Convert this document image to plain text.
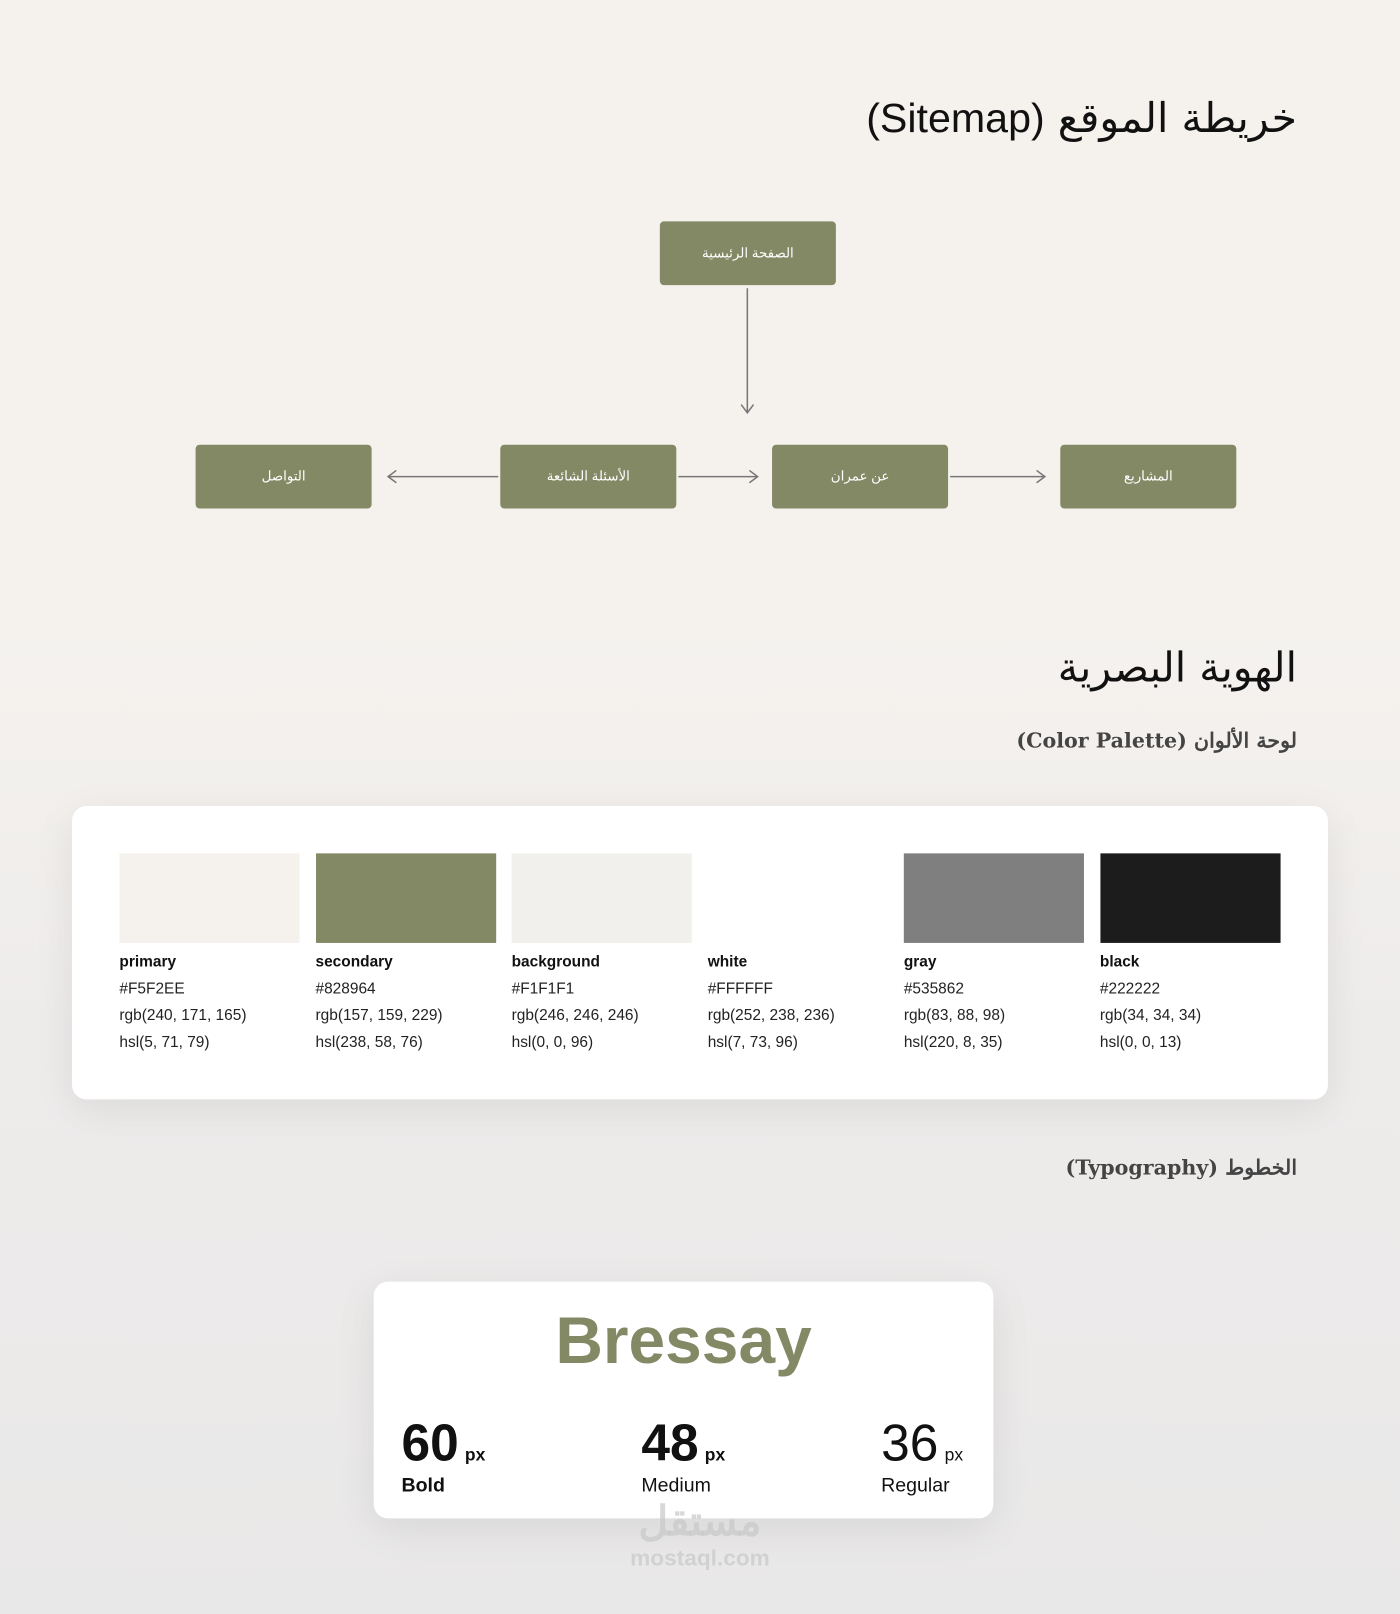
خريطة الموقع (Sitemap)
الصفحة الرئيسية
التواصل	الأسئلة الشائعة	عن عمران	المشاريع
الهوية البصرية
لوحة الألوان (Color Palette)
primary
#F5F2EE
rgb(240, 171, 165)
hsl(5, 71, 79)
secondary
#828964
rgb(157, 159, 229)
hsl(238, 58, 76)
background
#F1F1F1
rgb(246, 246, 246)
hsl(0, 0, 96)
white
#FFFFFF
rgb(252, 238, 236)
hsl(7, 73, 96)
gray
#535862
rgb(83, 88, 98)
hsl(220, 8, 35)
black
#222222
rgb(34, 34, 34)
hsl(0, 0, 13)
الخطوط (Typography)
Bressay
60 px
Bold
48 px
Medium
36 px
Regular
مستقل
mostaql.com
